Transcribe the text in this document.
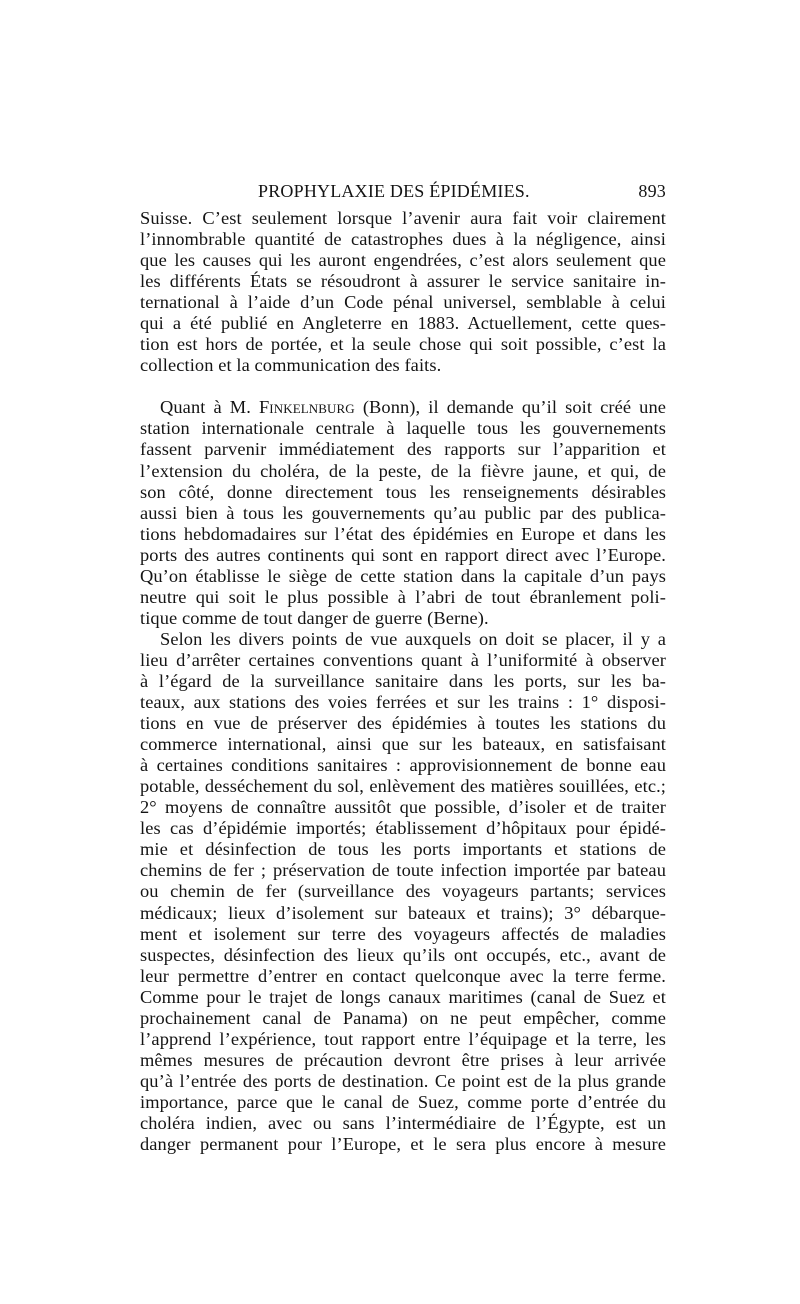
PROPHYLAXIE DES ÉPIDÉMIES.	893
Suisse. C’est seulement lorsque l’avenir aura fait voir clairement
l’innombrable quantité de catastrophes dues à la négligence, ainsi
que les causes qui les auront engendrées, c’est alors seulement que
les différents États se résoudront à assurer le service sanitaire in-
ternational à l’aide d’un Code pénal universel, semblable à celui
qui a été publié en Angleterre en 1883. Actuellement, cette ques-
tion est hors de portée, et la seule chose qui soit possible, c’est la
collection et la communication des faits.
Quant à M. Finkelnburg (Bonn), il demande qu’il soit créé une
station internationale centrale à laquelle tous les gouvernements
fassent parvenir immédiatement des rapports sur l’apparition et
l’extension du choléra, de la peste, de la fièvre jaune, et qui, de
son côté, donne directement tous les renseignements désirables
aussi bien à tous les gouvernements qu’au public par des publica-
tions hebdomadaires sur l’état des épidémies en Europe et dans les
ports des autres continents qui sont en rapport direct avec l’Europe.
Qu’on établisse le siège de cette station dans la capitale d’un pays
neutre qui soit le plus possible à l’abri de tout ébranlement poli-
tique comme de tout danger de guerre (Berne).
Selon les divers points de vue auxquels on doit se placer, il y a
lieu d’arrêter certaines conventions quant à l’uniformité à observer
à l’égard de la surveillance sanitaire dans les ports, sur les ba-
teaux, aux stations des voies ferrées et sur les trains : 1° disposi-
tions en vue de préserver des épidémies à toutes les stations du
commerce international, ainsi que sur les bateaux, en satisfaisant
à certaines conditions sanitaires : approvisionnement de bonne eau
potable, desséchement du sol, enlèvement des matières souillées, etc.;
2° moyens de connaître aussitôt que possible, d’isoler et de traiter
les cas d’épidémie importés; établissement d’hôpitaux pour épidé-
mie et désinfection de tous les ports importants et stations de
chemins de fer ; préservation de toute infection importée par bateau
ou chemin de fer (surveillance des voyageurs partants; services
médicaux; lieux d’isolement sur bateaux et trains); 3° débarque-
ment et isolement sur terre des voyageurs affectés de maladies
suspectes, désinfection des lieux qu’ils ont occupés, etc., avant de
leur permettre d’entrer en contact quelconque avec la terre ferme.
Comme pour le trajet de longs canaux maritimes (canal de Suez et
prochainement canal de Panama) on ne peut empêcher, comme
l’apprend l’expérience, tout rapport entre l’équipage et la terre, les
mêmes mesures de précaution devront être prises à leur arrivée
qu’à l’entrée des ports de destination. Ce point est de la plus grande
importance, parce que le canal de Suez, comme porte d’entrée du
choléra indien, avec ou sans l’intermédiaire de l’Égypte, est un
danger permanent pour l’Europe, et le sera plus encore à mesure
